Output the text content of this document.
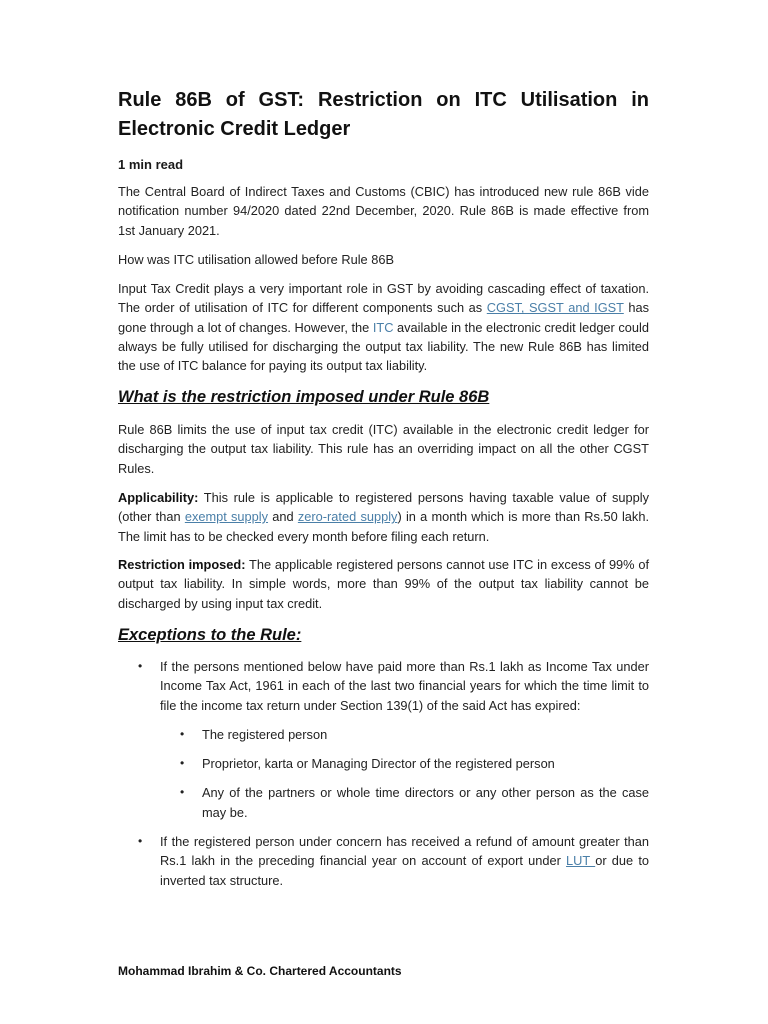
Rule 86B of GST: Restriction on ITC Utilisation in Electronic Credit Ledger

1 min read

The Central Board of Indirect Taxes and Customs (CBIC) has introduced new rule 86B vide notification number 94/2020 dated 22nd December, 2020. Rule 86B is made effective from 1st January 2021.

How was ITC utilisation allowed before Rule 86B

Input Tax Credit plays a very important role in GST by avoiding cascading effect of taxation. The order of utilisation of ITC for different components such as CGST, SGST and IGST has gone through a lot of changes. However, the ITC available in the electronic credit ledger could always be fully utilised for discharging the output tax liability. The new Rule 86B has limited the use of ITC balance for paying its output tax liability.

What is the restriction imposed under Rule 86B

Rule 86B limits the use of input tax credit (ITC) available in the electronic credit ledger for discharging the output tax liability. This rule has an overriding impact on all the other CGST Rules.

Applicability: This rule is applicable to registered persons having taxable value of supply (other than exempt supply and zero-rated supply) in a month which is more than Rs.50 lakh. The limit has to be checked every month before filing each return.

Restriction imposed: The applicable registered persons cannot use ITC in excess of 99% of output tax liability. In simple words, more than 99% of the output tax liability cannot be discharged by using input tax credit.

Exceptions to the Rule:
• If the persons mentioned below have paid more than Rs.1 lakh as Income Tax under Income Tax Act, 1961 in each of the last two financial years for which the time limit to file the income tax return under Section 139(1) of the said Act has expired:
• The registered person
• Proprietor, karta or Managing Director of the registered person
• Any of the partners or whole time directors or any other person as the case may be.
• If the registered person under concern has received a refund of amount greater than Rs.1 lakh in the preceding financial year on account of export under LUT or due to inverted tax structure.
Mohammad Ibrahim & Co. Chartered Accountants
